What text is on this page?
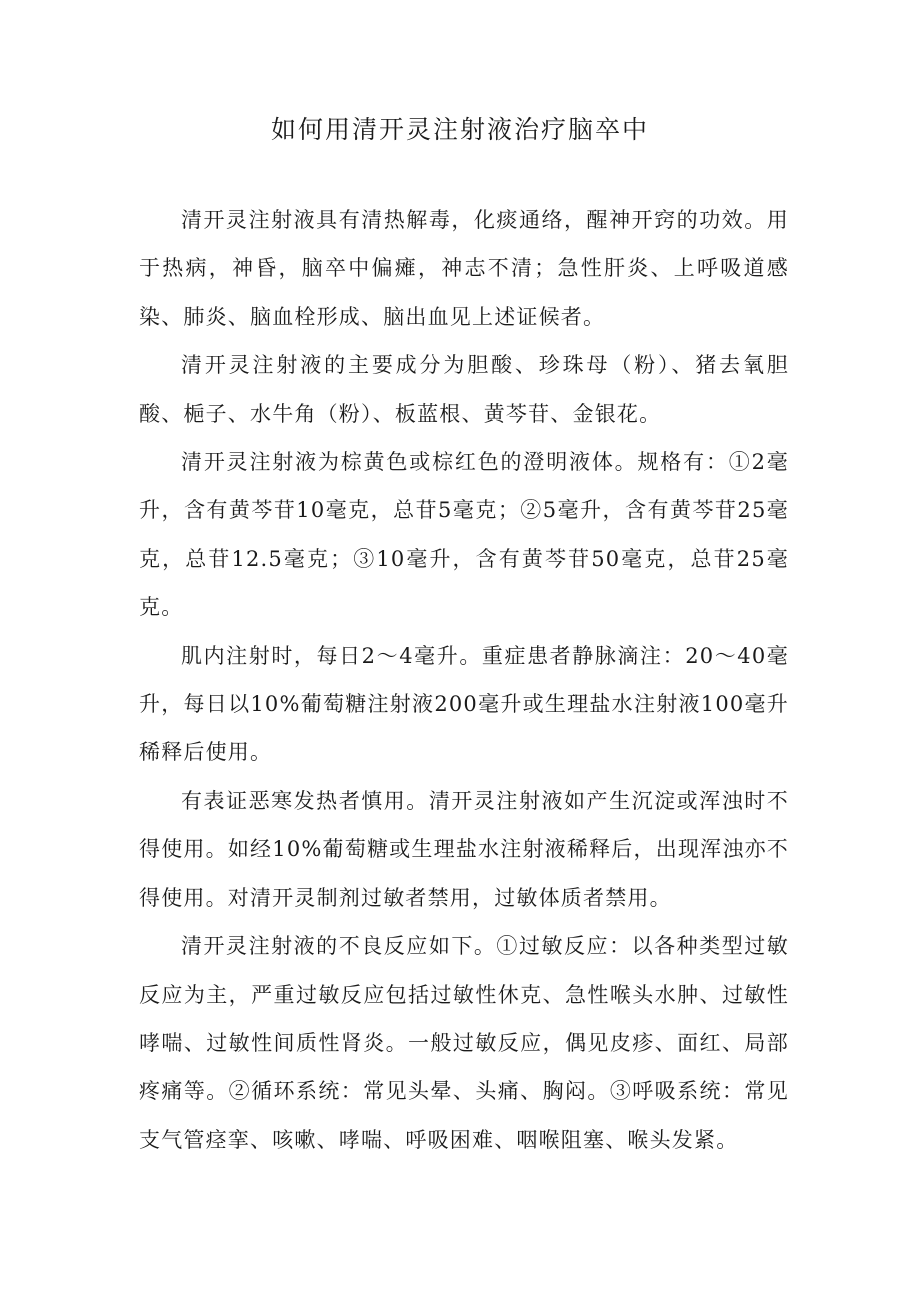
如何用清开灵注射液治疗脑卒中

清开灵注射液具有清热解毒，化痰通络，醒神开窍的功效。用于热病，神昏，脑卒中偏瘫，神志不清；急性肝炎、上呼吸道感染、肺炎、脑血栓形成、脑出血见上述证候者。

清开灵注射液的主要成分为胆酸、珍珠母（粉）、猪去氧胆酸、梔子、水牛角（粉）、板蓝根、黄芩苷、金银花。

清开灵注射液为棕黄色或棕红色的澄明液体。规格有：①2毫升，含有黄芩苷10毫克，总苷5毫克；②5毫升，含有黄芩苷25毫克，总苷12.5毫克；③10毫升，含有黄芩苷50毫克，总苷25毫克。

肌内注射时，每日2～4毫升。重症患者静脉滴注：20～40毫升，每日以10%葡萄糖注射液200毫升或生理盐水注射液100毫升稀释后使用。

有表证恶寒发热者慎用。清开灵注射液如产生沉淀或浑浊时不得使用。如经10%葡萄糖或生理盐水注射液稀释后，出现浑浊亦不得使用。对清开灵制剂过敏者禁用，过敏体质者禁用。

清开灵注射液的不良反应如下。①过敏反应：以各种类型过敏反应为主，严重过敏反应包括过敏性休克、急性喉头水肿、过敏性哮喘、过敏性间质性肾炎。一般过敏反应，偶见皮疹、面红、局部疼痛等。②循环系统：常见头晕、头痛、胸闷。③呼吸系统：常见支气管痉挛、咳嗽、哮喘、呼吸困难、咽喉阻塞、喉头发紧。
